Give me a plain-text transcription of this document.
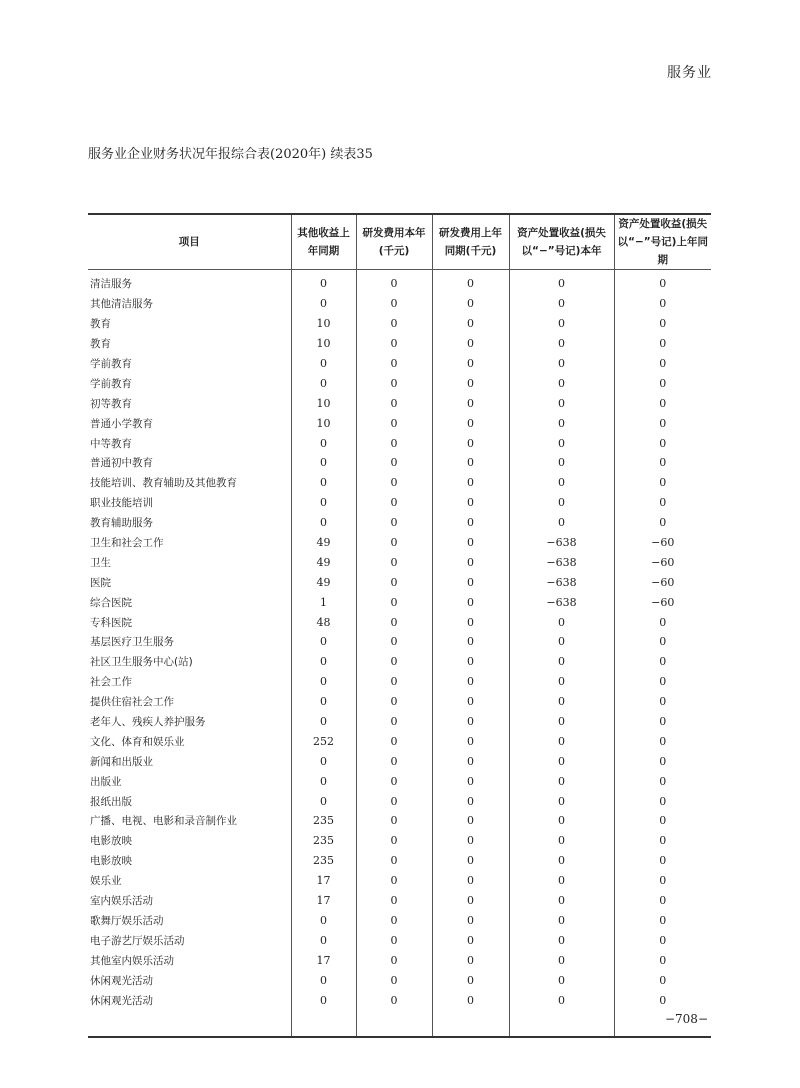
服务业
服务业企业财务状况年报综合表(2020年) 续表35
项目	其他收益上年同期	研发费用本年(千元)	研发费用上年同期(千元)	资产处置收益(损失以“−”号记)本年	资产处置收益(损失以“−”号记)上年同期
清洁服务	0	0	0	0	0
其他清洁服务	0	0	0	0	0
教育	10	0	0	0	0
教育	10	0	0	0	0
学前教育	0	0	0	0	0
学前教育	0	0	0	0	0
初等教育	10	0	0	0	0
普通小学教育	10	0	0	0	0
中等教育	0	0	0	0	0
普通初中教育	0	0	0	0	0
技能培训、教育辅助及其他教育	0	0	0	0	0
职业技能培训	0	0	0	0	0
教育辅助服务	0	0	0	0	0
卫生和社会工作	49	0	0	−638	−60
卫生	49	0	0	−638	−60
医院	49	0	0	−638	−60
综合医院	1	0	0	−638	−60
专科医院	48	0	0	0	0
基层医疗卫生服务	0	0	0	0	0
社区卫生服务中心(站)	0	0	0	0	0
社会工作	0	0	0	0	0
提供住宿社会工作	0	0	0	0	0
老年人、残疾人养护服务	0	0	0	0	0
文化、体育和娱乐业	252	0	0	0	0
新闻和出版业	0	0	0	0	0
出版业	0	0	0	0	0
报纸出版	0	0	0	0	0
广播、电视、电影和录音制作业	235	0	0	0	0
电影放映	235	0	0	0	0
电影放映	235	0	0	0	0
娱乐业	17	0	0	0	0
室内娱乐活动	17	0	0	0	0
歌舞厅娱乐活动	0	0	0	0	0
电子游艺厅娱乐活动	0	0	0	0	0
其他室内娱乐活动	17	0	0	0	0
休闲观光活动	0	0	0	0	0
休闲观光活动	0	0	0	0	0

−708−
